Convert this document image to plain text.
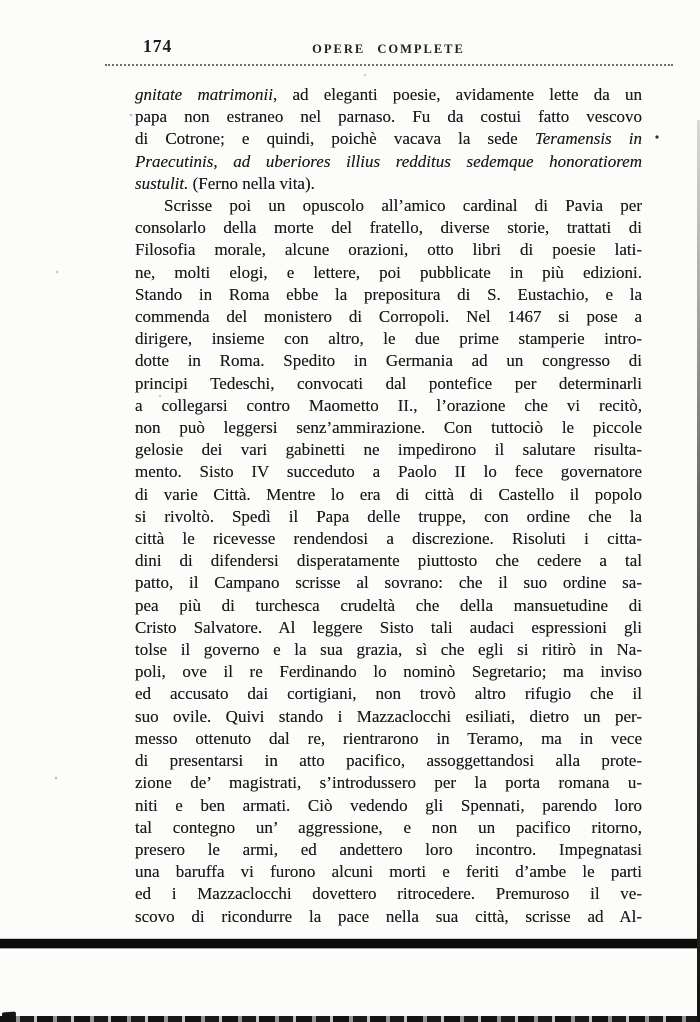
174	OPERE COMPLETE
gnitate matrimonii, ad eleganti poesie, avidamente lette da un
papa non estraneo nel parnaso. Fu da costui fatto vescovo
di Cotrone; e quindi, poichè vacava la sede Teramensis in
Praecutinis, ad uberiores illius redditus sedemque honoratiorem
sustulit. (Ferno nella vita).
Scrisse poi un opuscolo all’amico cardinal di Pavia per
consolarlo della morte del fratello, diverse storie, trattati di
Filosofia morale, alcune orazioni, otto libri di poesie lati-
ne, molti elogi, e lettere, poi pubblicate in più edizioni.
Stando in Roma ebbe la prepositura di S. Eustachio, e la
commenda del monistero di Corropoli. Nel 1467 si pose a
dirigere, insieme con altro, le due prime stamperie intro-
dotte in Roma. Spedito in Germania ad un congresso di
principi Tedeschi, convocati dal pontefice per determinarli
a collegarsi contro Maometto II., l’orazione che vi recitò,
non può leggersi senz’ammirazione. Con tuttociò le piccole
gelosie dei vari gabinetti ne impedirono il salutare risulta-
mento. Sisto IV succeduto a Paolo II lo fece governatore
di varie Città. Mentre lo era di città di Castello il popolo
si rivoltò. Spedì il Papa delle truppe, con ordine che la
città le ricevesse rendendosi a discrezione. Risoluti i citta-
dini di difendersi disperatamente piuttosto che cedere a tal
patto, il Campano scrisse al sovrano: che il suo ordine sa-
pea più di turchesca crudeltà che della mansuetudine di
Cristo Salvatore. Al leggere Sisto tali audaci espressioni gli
tolse il governo e la sua grazia, sì che egli si ritirò in Na-
poli, ove il re Ferdinando lo nominò Segretario; ma inviso
ed accusato dai cortigiani, non trovò altro rifugio che il
suo ovile. Quivi stando i Mazzaclocchi esiliati, dietro un per-
messo ottenuto dal re, rientrarono in Teramo, ma in vece
di presentarsi in atto pacifico, assoggettandosi alla prote-
zione de’ magistrati, s’introdussero per la porta romana u-
niti e ben armati. Ciò vedendo gli Spennati, parendo loro
tal contegno un’ aggressione, e non un pacifico ritorno,
presero le armi, ed andettero loro incontro. Impegnatasi
una baruffa vi furono alcuni morti e feriti d’ambe le parti
ed i Mazzaclocchi dovettero ritrocedere. Premuroso il ve-
scovo di ricondurre la pace nella sua città, scrisse ad Al-
